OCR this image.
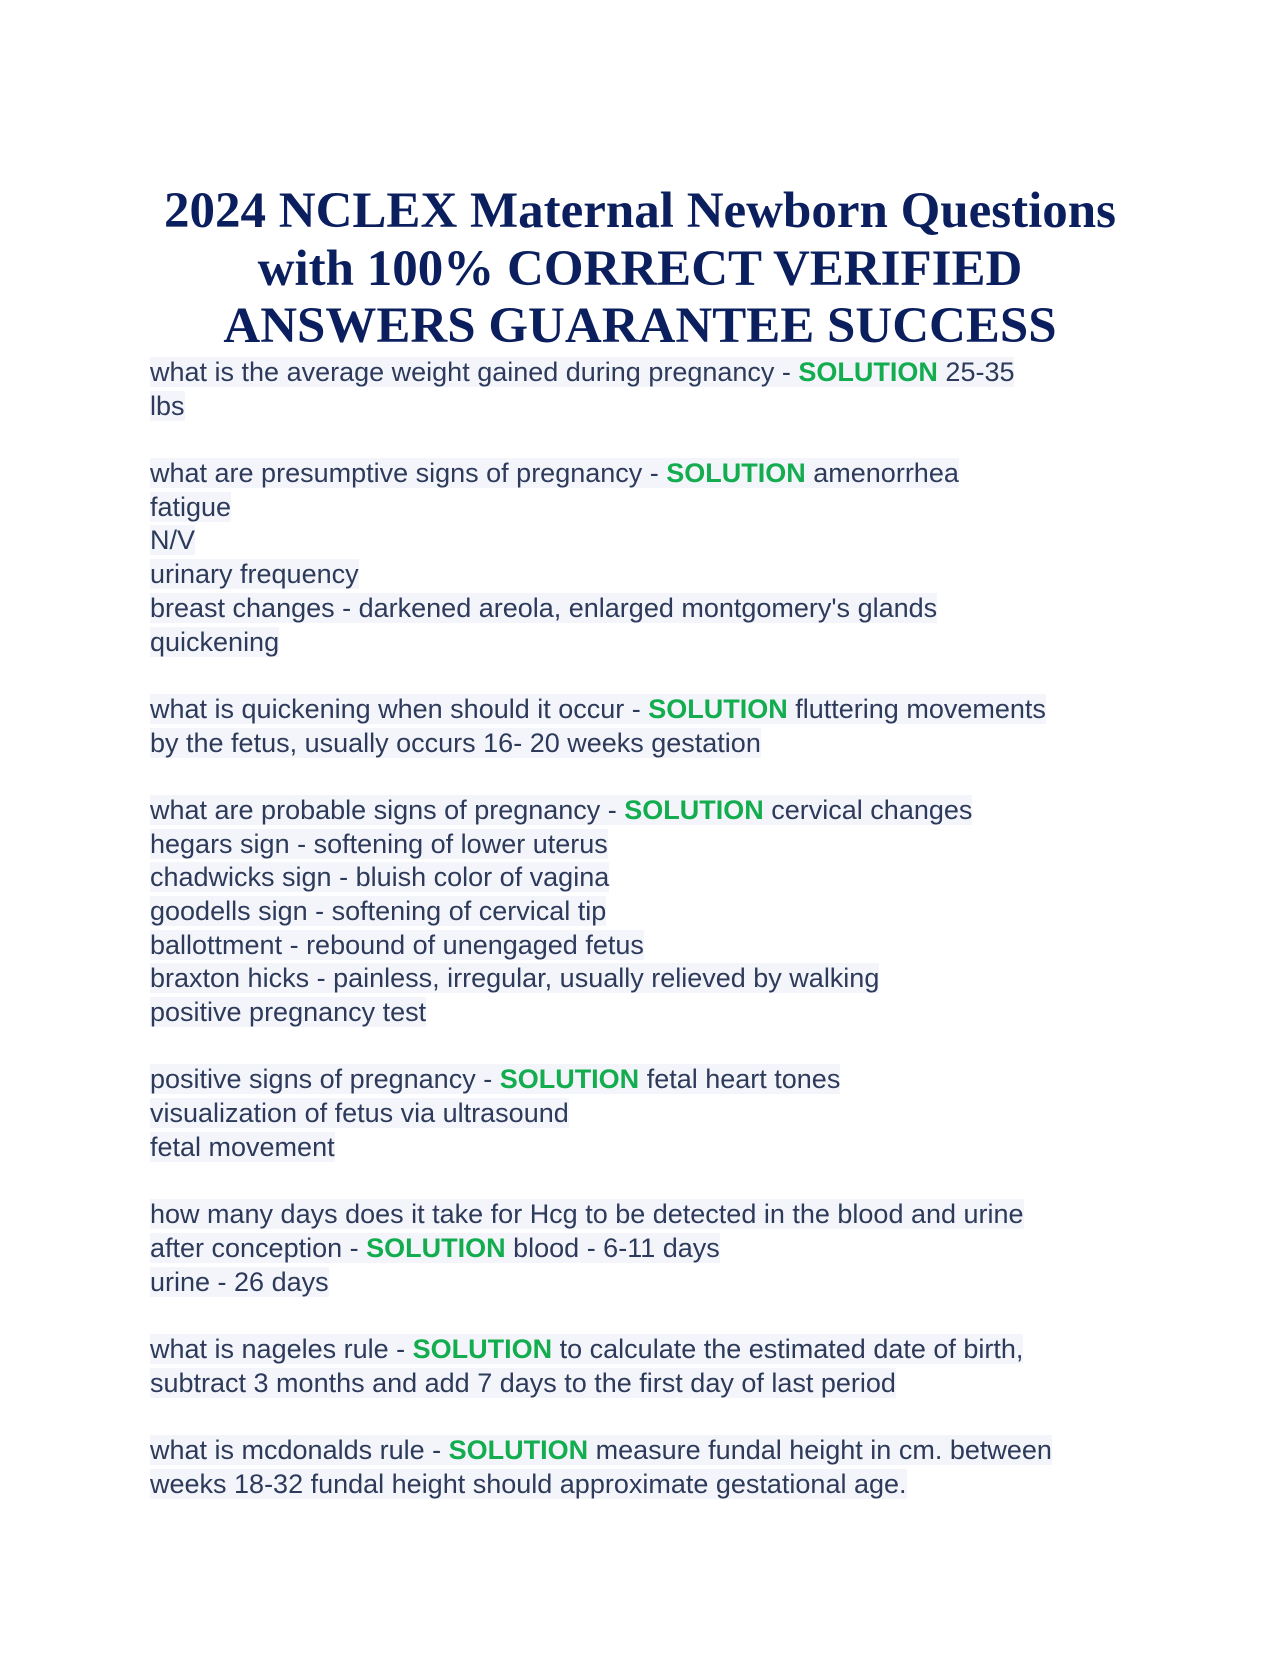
2024 NCLEX Maternal Newborn Questions
with 100% CORRECT VERIFIED
ANSWERS GUARANTEE SUCCESS
what is the average weight gained during pregnancy - SOLUTION 25-35
lbs
what are presumptive signs of pregnancy - SOLUTION amenorrhea
fatigue
N/V
urinary frequency
breast changes - darkened areola, enlarged montgomery's glands
quickening
what is quickening when should it occur - SOLUTION fluttering movements
by the fetus, usually occurs 16- 20 weeks gestation
what are probable signs of pregnancy - SOLUTION cervical changes
hegars sign - softening of lower uterus
chadwicks sign - bluish color of vagina
goodells sign - softening of cervical tip
ballottment - rebound of unengaged fetus
braxton hicks - painless, irregular, usually relieved by walking
positive pregnancy test
positive signs of pregnancy - SOLUTION fetal heart tones
visualization of fetus via ultrasound
fetal movement
how many days does it take for Hcg to be detected in the blood and urine
after conception - SOLUTION blood - 6-11 days
urine - 26 days
what is nageles rule - SOLUTION to calculate the estimated date of birth,
subtract 3 months and add 7 days to the first day of last period
what is mcdonalds rule - SOLUTION measure fundal height in cm. between
weeks 18-32 fundal height should approximate gestational age.
